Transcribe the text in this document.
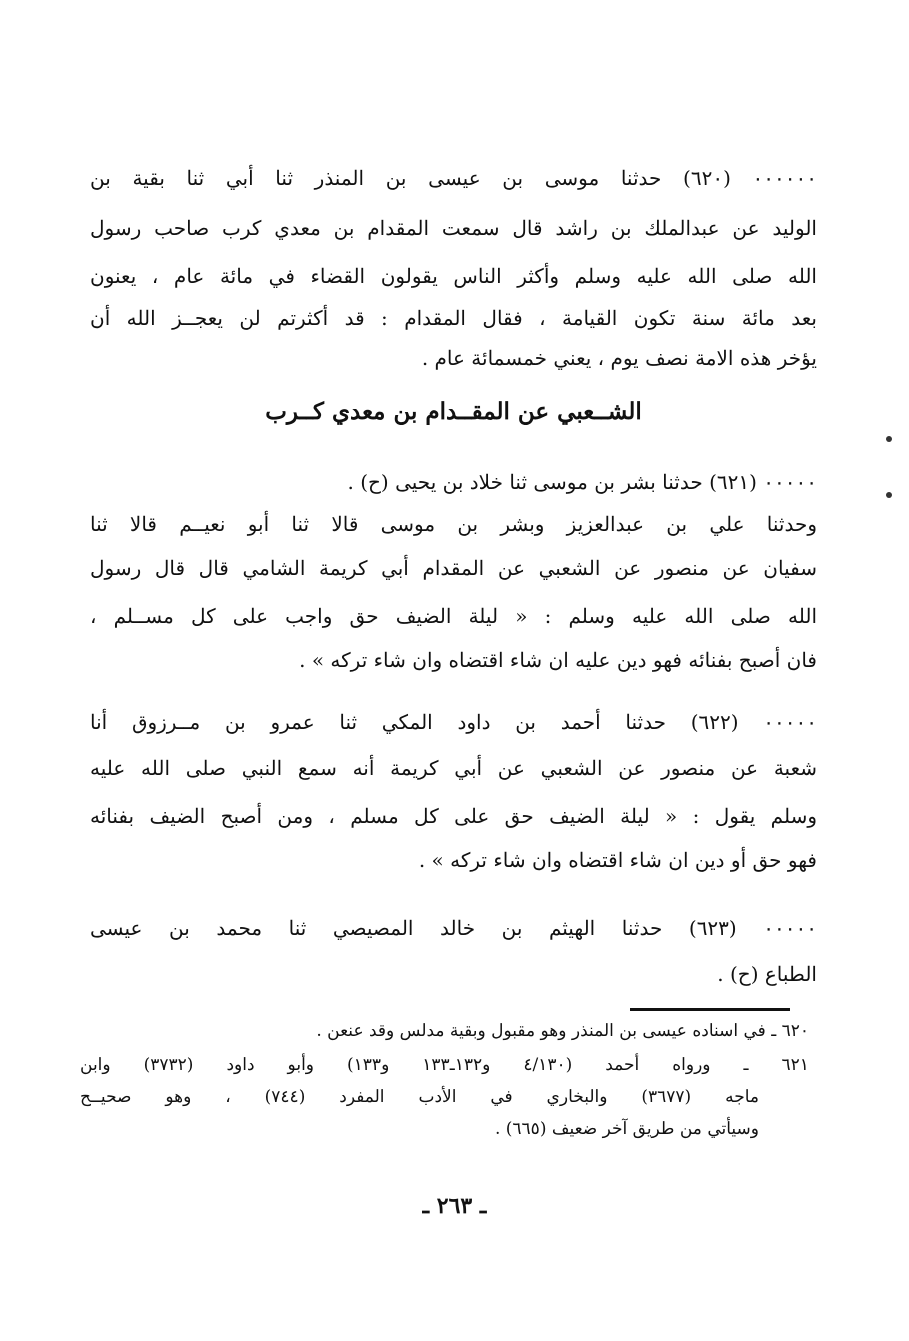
٠٠٠٠٠٠ (٦٢٠) حدثنا موسى بن عيسى بن المنذر ثنا أبي ثنا بقية بن
الوليد عن عبدالملك بن راشد قال سمعت المقدام بن معدي كرب صاحب رسول
الله صلى الله عليه وسلم وأكثر الناس يقولون القضاء في مائة عام ، يعنون
بعد مائة سنة تكون القيامة ، فقال المقدام : قد أكثرتم لن يعجــز الله أن
يؤخر هذه الامة نصف يوم ، يعني خمسمائة عام .
الشــعبي عن المقــدام بن معدي كــرب
٠٠٠٠٠ (٦٢١) حدثنا بشر بن موسى ثنا خلاد بن يحيى (ح) .
وحدثنا علي بن عبدالعزيز وبشر بن موسى قالا ثنا أبو نعيــم قالا ثنا
سفيان عن منصور عن الشعبي عن المقدام أبي كريمة الشامي قال قال رسول
الله صلى الله عليه وسلم : « ليلة الضيف حق واجب على كل مســلم ،
فان أصبح بفنائه فهو دين عليه ان شاء اقتضاه وان شاء تركه » .
٠٠٠٠٠ (٦٢٢) حدثنا أحمد بن داود المكي ثنا عمرو بن مــرزوق أنا
شعبة عن منصور عن الشعبي عن أبي كريمة أنه سمع النبي صلى الله عليه
وسلم يقول : « ليلة الضيف حق على كل مسلم ، ومن أصبح الضيف بفنائه
فهو حق أو دين ان شاء اقتضاه وان شاء تركه » .
٠٠٠٠٠ (٦٢٣) حدثنا الهيثم بن خالد المصيصي ثنا محمد بن عيسى
الطباع (ح) .
٦٢٠ ـ في اسناده عيسى بن المنذر وهو مقبول وبقية مدلس وقد عنعن .
٦٢١ ـ ورواه أحمد (٤/١٣٠ و١٣٢ـ١٣٣ و١٣٣) وأبو داود (٣٧٣٢) وابن
ماجه (٣٦٧٧) والبخاري في الأدب المفرد (٧٤٤) ، وهو صحيــح
وسيأتي من طريق آخر ضعيف (٦٦٥) .
ـ ٢٦٣ ـ
